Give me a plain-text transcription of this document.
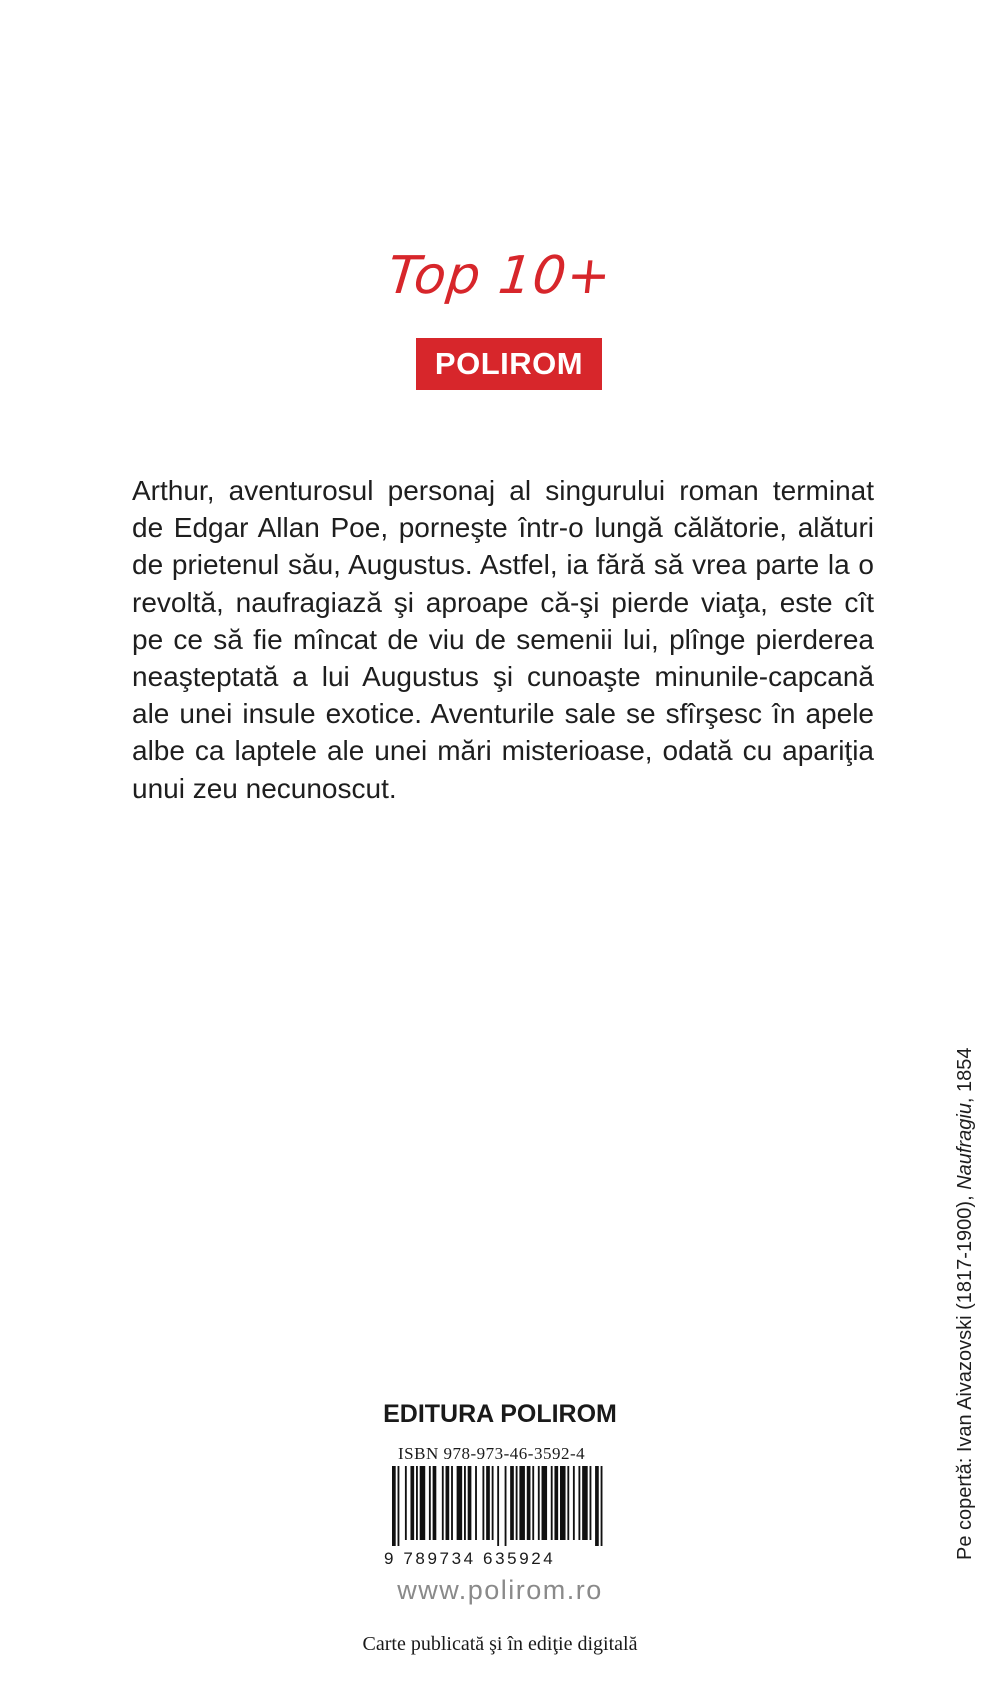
Top 10+
POLIROM

Arthur, aventurosul personaj al singurului roman terminat de Edgar Allan Poe, porneşte într-o lungă călătorie, alături de prietenul său, Augustus. Astfel, ia fără să vrea parte la o revoltă, naufragiază şi aproape că-şi pierde viaţa, este cît pe ce să fie mîncat de viu de semenii lui, plînge pierderea neaşteptată a lui Augustus şi cunoaşte minunile-capcană ale unei insule exotice. Aventurile sale se sfîrşesc în apele albe ca laptele ale unei mări misterioase, odată cu apariţia unui zeu necunoscut.

Pe copertă: Ivan Aivazovski (1817-1900), Naufragiu, 1854
EDITURA POLIROM
ISBN 978-973-46-3592-4
9 789734 635924
www.polirom.ro
Carte publicată şi în ediţie digitală
